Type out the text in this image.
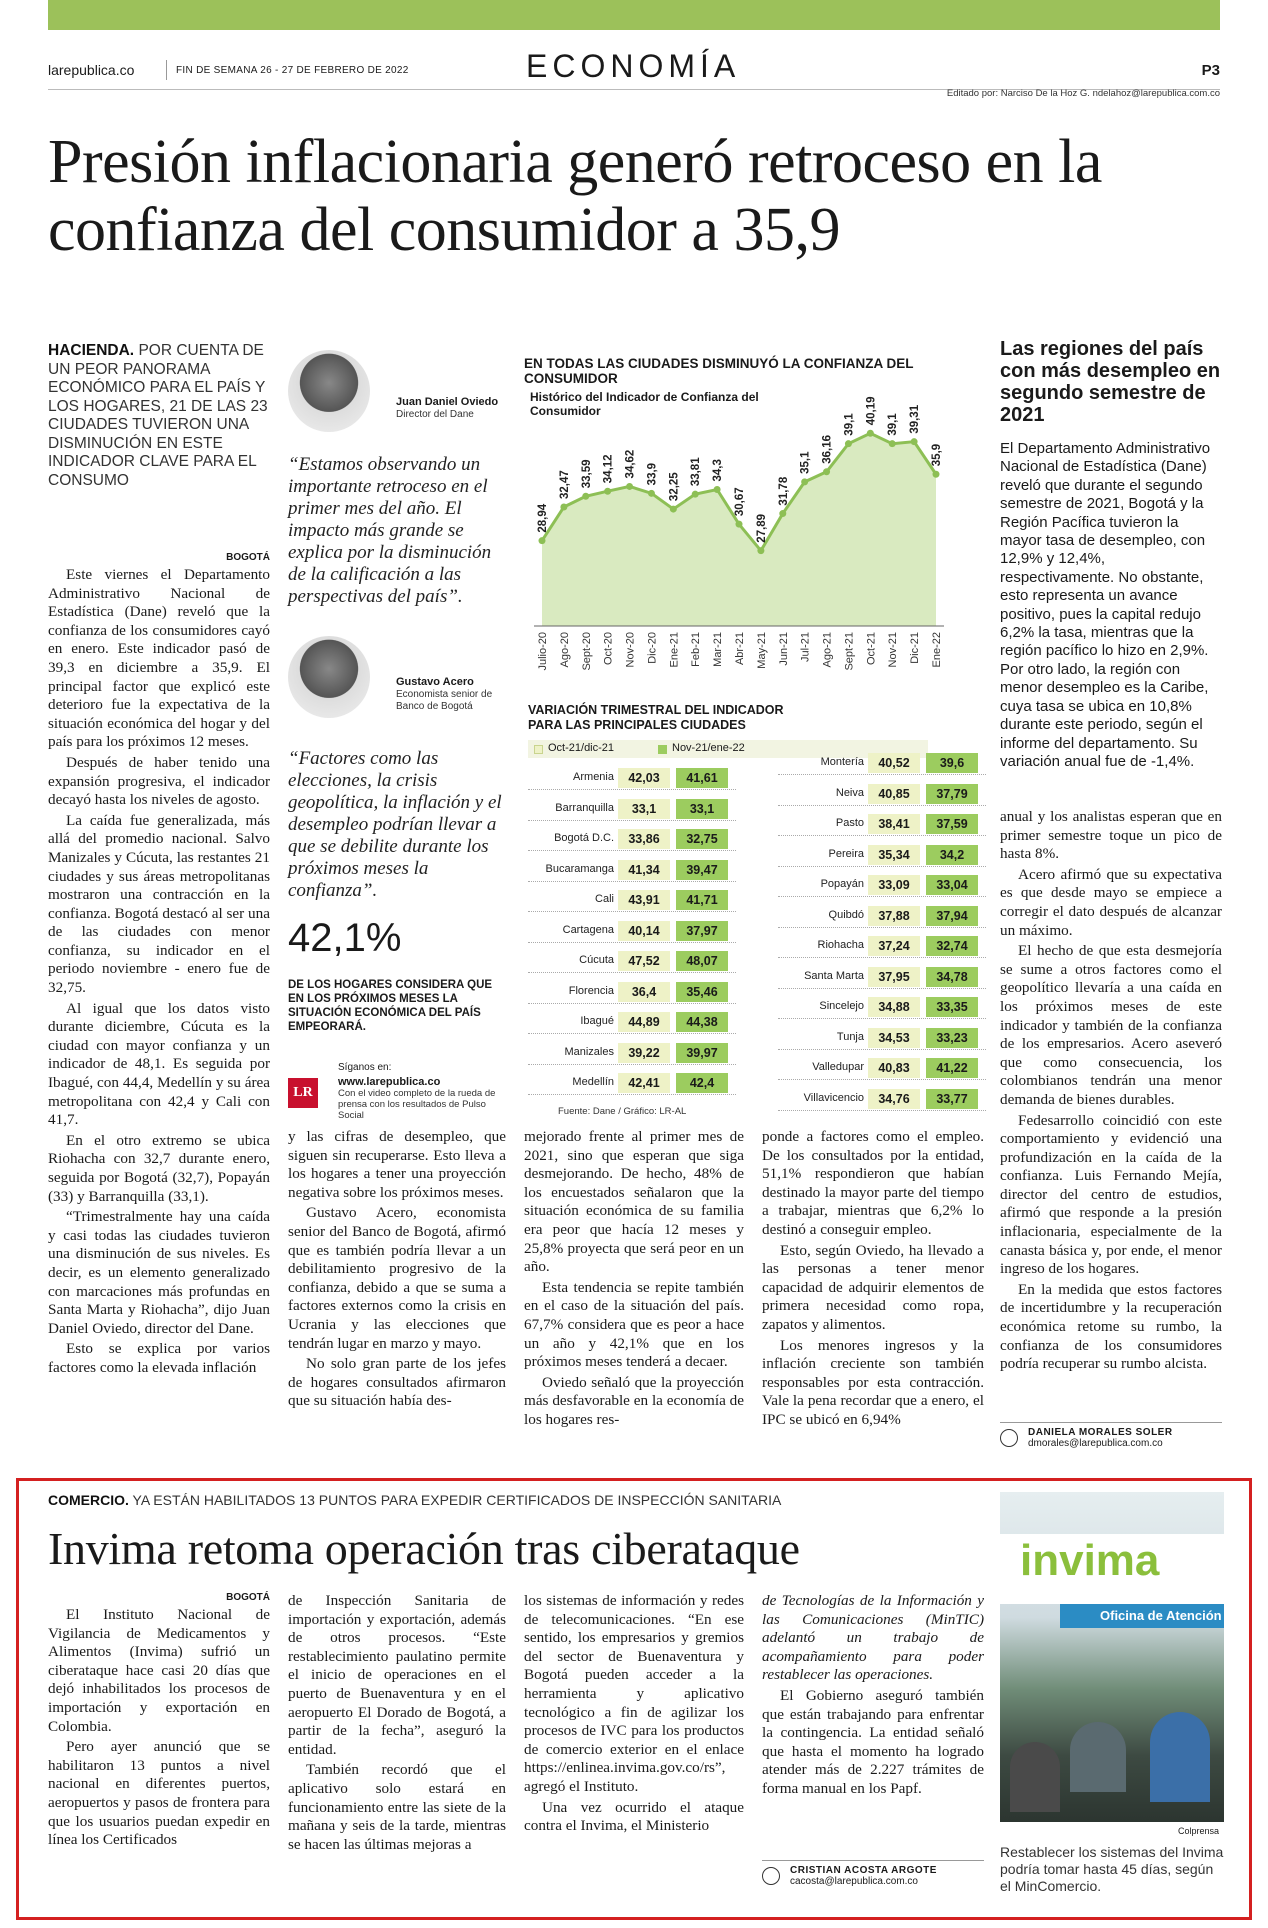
larepublica.co	FIN DE SEMANA 26 - 27 DE FEBRERO DE 2022	ECONOMÍA	P3
Editado por: Narciso De la Hoz G. ndelahoz@larepublica.com.co
Presión inflacionaria generó retroceso en la confianza del consumidor a 35,9
HACIENDA. POR CUENTA DE UN PEOR PANORAMA ECONÓMICO PARA EL PAÍS Y LOS HOGARES, 21 DE LAS 23 CIUDADES TUVIERON UNA DISMINUCIÓN EN ESTE INDICADOR CLAVE PARA EL CONSUMO
BOGOTÁ

Este viernes el Departamento Administrativo Nacional de Estadística (Dane) reveló que la confianza de los consumidores cayó en enero. Este indicador pasó de 39,3 en diciembre a 35,9. El principal factor que explicó este deterioro fue la expectativa de la situación económica del hogar y del país para los próximos 12 meses.

Después de haber tenido una expansión progresiva, el indicador decayó hasta los niveles de agosto.

La caída fue generalizada, más allá del promedio nacional. Salvo Manizales y Cúcuta, las restantes 21 ciudades y sus áreas metropolitanas mostraron una contracción en la confianza. Bogotá destacó al ser una de las ciudades con menor confianza, su indicador en el periodo noviembre - enero fue de 32,75.

Al igual que los datos visto durante diciembre, Cúcuta es la ciudad con mayor confianza y un indicador de 48,1. Es seguida por Ibagué, con 44,4, Medellín y su área metropolitana con 42,4 y Cali con 41,7.

En el otro extremo se ubica Riohacha con 32,7 durante enero, seguida por Bogotá (32,7), Popayán (33) y Barranquilla (33,1).

“Trimestralmente hay una caída y casi todas las ciudades tuvieron una disminución de sus niveles. Es decir, es un elemento generalizado con marcaciones más profundas en Santa Marta y Riohacha”, dijo Juan Daniel Oviedo, director del Dane.

Esto se explica por varios factores como la elevada inflación

Juan Daniel Oviedo
Director del Dane
“Estamos observando un importante retroceso en el primer mes del año. El impacto más grande se explica por la disminución de la calificación a las perspectivas del país”.
Gustavo Acero
Economista senior de Banco de Bogotá
“Factores como las elecciones, la crisis geopolítica, la inflación y el desempleo podrían llevar a que se debilite durante los próximos meses la confianza”.
42,1%
DE LOS HOGARES CONSIDERA QUE EN LOS PRÓXIMOS MESES LA SITUACIÓN ECONÓMICA DEL PAÍS EMPEORARÁ.
Síganos en:
LR
www.larepublica.co
Con el video completo de la rueda de prensa con los resultados de Pulso Social
EN TODAS LAS CIUDADES DISMINUYÓ LA CONFIANZA DEL CONSUMIDOR
Histórico del Indicador de Confianza del Consumidor
28,94
Julio-20
32,47
Ago-20
33,59
Sept-20
34,12
Oct-20
34,62
Nov-20
33,9
Dic-20
32,25
Ene-21
33,81
Feb-21
34,3
Mar-21
30,67
Abr-21
27,89
May-21
31,78
Jun-21
35,1
Jul-21
36,16
Ago-21
39,1
Sept-21
40,19
Oct-21
39,1
Nov-21
39,31
Dic-21
35,9
Ene-22
VARIACIÓN TRIMESTRAL DEL INDICADOR PARA LAS PRINCIPALES CIUDADES
Oct-21/dic-21	Nov-21/ene-22
Armenia	42,03	41,61
Barranquilla	33,1	33,1
Bogotá D.C.	33,86	32,75
Bucaramanga	41,34	39,47
Cali	43,91	41,71
Cartagena	40,14	37,97
Cúcuta	47,52	48,07
Florencia	36,4	35,46
Ibagué	44,89	44,38
Manizales	39,22	39,97
Medellín	42,41	42,4
Montería	40,52	39,6
Neiva	40,85	37,79
Pasto	38,41	37,59
Pereira	35,34	34,2
Popayán	33,09	33,04
Quibdó	37,88	37,94
Riohacha	37,24	32,74
Santa Marta	37,95	34,78
Sincelejo	34,88	33,35
Tunja	34,53	33,23
Valledupar	40,83	41,22
Villavicencio	34,76	33,77
Fuente: Dane / Gráfico: LR-AL
Las regiones del país con más desempleo en segundo semestre de 2021
El Departamento Administrativo Nacional de Estadística (Dane) reveló que durante el segundo semestre de 2021, Bogotá y la Región Pacífica tuvieron la mayor tasa de desempleo, con 12,9% y 12,4%, respectivamente. No obstante, esto representa un avance positivo, pues la capital redujo 6,2% la tasa, mientras que la región pacífico lo hizo en 2,9%. Por otro lado, la región con menor desempleo es la Caribe, cuya tasa se ubica en 10,8% durante este periodo, según el informe del departamento. Su variación anual fue de -1,4%.

y las cifras de desempleo, que siguen sin recuperarse. Esto lleva a los hogares a tener una proyección negativa sobre los próximos meses.

Gustavo Acero, economista senior del Banco de Bogotá, afirmó que es también podría llevar a un debilitamiento progresivo de la confianza, debido a que se suma a factores externos como la crisis en Ucrania y las elecciones que tendrán lugar en marzo y mayo.

No solo gran parte de los jefes de hogares consultados afirmaron que su situación había des-

mejorado frente al primer mes de 2021, sino que esperan que siga desmejorando. De hecho, 48% de los encuestados señalaron que la situación económica de su familia era peor que hacía 12 meses y 25,8% proyecta que será peor en un año.

Esta tendencia se repite también en el caso de la situación del país. 67,7% considera que es peor a hace un año y 42,1% que en los próximos meses tenderá a decaer.

Oviedo señaló que la proyección más desfavorable en la economía de los hogares res-

ponde a factores como el empleo. De los consultados por la entidad, 51,1% respondieron que habían destinado la mayor parte del tiempo a trabajar, mientras que 6,2% lo destinó a conseguir empleo.

Esto, según Oviedo, ha llevado a las personas a tener menor capacidad de adquirir elementos de primera necesidad como ropa, zapatos y alimentos.

Los menores ingresos y la inflación creciente son también responsables por esta contracción. Vale la pena recordar que a enero, el IPC se ubicó en 6,94%

anual y los analistas esperan que en primer semestre toque un pico de hasta 8%.

Acero afirmó que su expectativa es que desde mayo se empiece a corregir el dato después de alcanzar un máximo.

El hecho de que esta desmejoría se sume a otros factores como el geopolítico llevaría a una caída en los próximos meses de este indicador y también de la confianza de los empresarios. Acero aseveró que como consecuencia, los colombianos tendrán una menor demanda de bienes durables.

Fedesarrollo coincidió con este comportamiento y evidenció una profundización en la caída de la confianza. Luis Fernando Mejía, director del centro de estudios, afirmó que responde a la presión inflacionaria, especialmente de la canasta básica y, por ende, el menor ingreso de los hogares.

En la medida que estos factores de incertidumbre y la recuperación económica retome su rumbo, la confianza de los consumidores podría recuperar su rumbo alcista.

DANIELA MORALES SOLER
dmorales@larepublica.com.co
COMERCIO. YA ESTÁN HABILITADOS 13 PUNTOS PARA EXPEDIR CERTIFICADOS DE INSPECCIÓN SANITARIA
Invima retoma operación tras ciberataque
BOGOTÁ

El Instituto Nacional de Vigilancia de Medicamentos y Alimentos (Invima) sufrió un ciberataque hace casi 20 días que dejó inhabilitados los procesos de importación y exportación en Colombia.

Pero ayer anunció que se habilitaron 13 puntos a nivel nacional en diferentes puertos, aeropuertos y pasos de frontera para que los usuarios puedan expedir en línea los Certificados

de Inspección Sanitaria de importación y exportación, además de otros procesos. “Este restablecimiento paulatino permite el inicio de operaciones en el puerto de Buenaventura y en el aeropuerto El Dorado de Bogotá, a partir de la fecha”, aseguró la entidad.

También recordó que el aplicativo solo estará en funcionamiento entre las siete de la mañana y seis de la tarde, mientras se hacen las últimas mejoras a

los sistemas de información y redes de telecomunicaciones. “En ese sentido, los empresarios y gremios del sector de Buenaventura y Bogotá pueden acceder a la herramienta y aplicativo tecnológico a fin de agilizar los procesos de IVC para los productos de comercio exterior en el enlace https://enlinea.invima.gov.co/rs”, agregó el Instituto.

Una vez ocurrido el ataque contra el Invima, el Ministerio

de Tecnologías de la Información y las Comunicaciones (MinTIC) adelantó un trabajo de acompañamiento para poder restablecer las operaciones.

El Gobierno aseguró también que están trabajando para enfrentar la contingencia. La entidad señaló que hasta el momento ha logrado atender más de 2.227 trámites de forma manual en los Papf.

CRISTIAN ACOSTA ARGOTE
cacosta@larepublica.com.co
invima
Oficina de Atención
Colprensa
Restablecer los sistemas del Invima podría tomar hasta 45 días, según el MinComercio.
